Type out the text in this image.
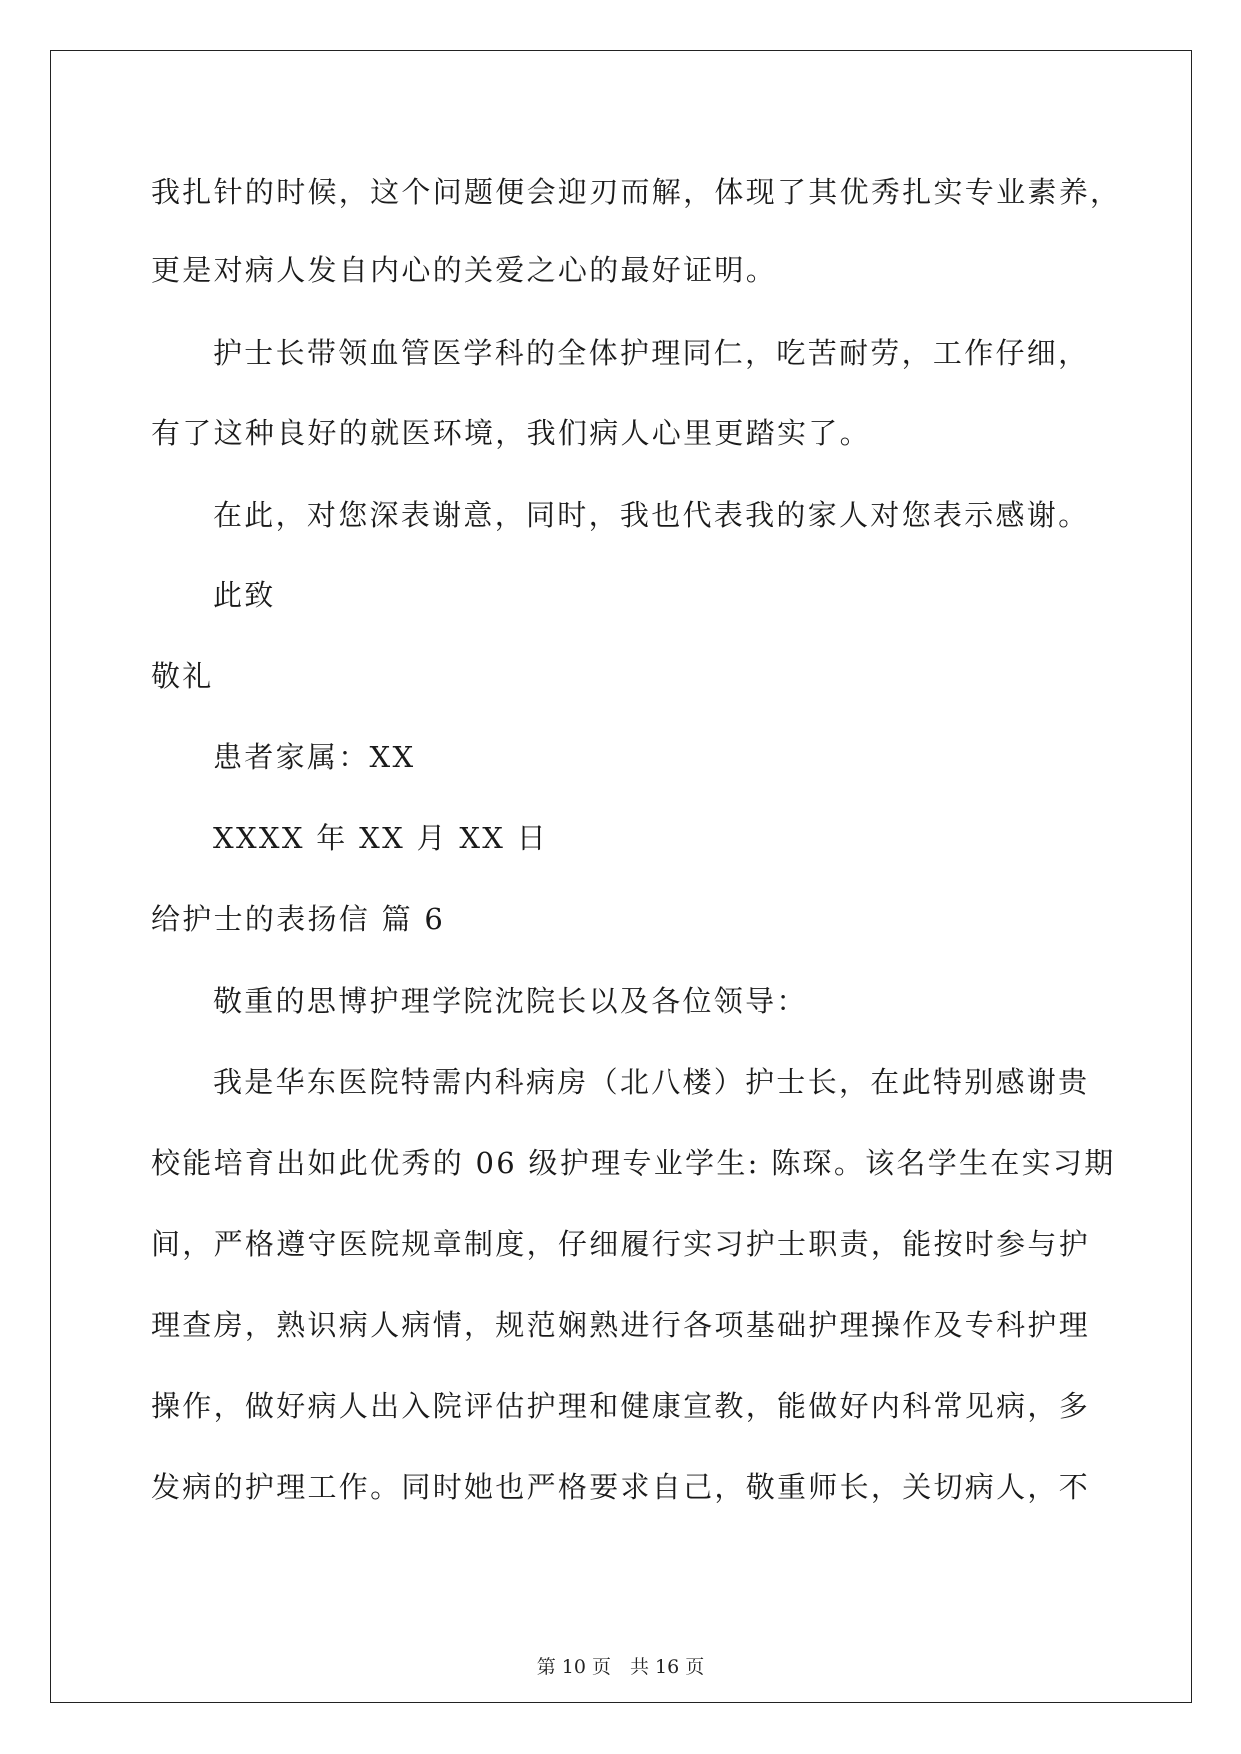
我扎针的时候，这个问题便会迎刃而解，体现了其优秀扎实专业素养，
更是对病人发自内心的关爱之心的最好证明。
护士长带领血管医学科的全体护理同仁，吃苦耐劳，工作仔细，
有了这种良好的就医环境，我们病人心里更踏实了。
在此，对您深表谢意，同时，我也代表我的家人对您表示感谢。
此致
敬礼
患者家属：XX
XXXX 年 XX 月 XX 日
给护士的表扬信 篇 6
敬重的思博护理学院沈院长以及各位领导：
我是华东医院特需内科病房（北八楼）护士长，在此特别感谢贵
校能培育出如此优秀的 06 级护理专业学生: 陈琛。该名学生在实习期
间，严格遵守医院规章制度，仔细履行实习护士职责，能按时参与护
理查房，熟识病人病情，规范娴熟进行各项基础护理操作及专科护理
操作，做好病人出入院评估护理和健康宣教，能做好内科常见病，多
发病的护理工作。同时她也严格要求自己，敬重师长，关切病人，不
第 10 页　共 16 页
